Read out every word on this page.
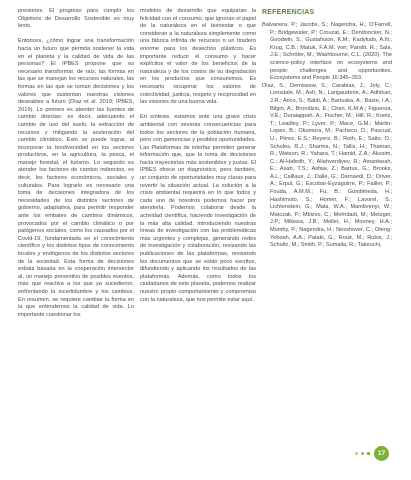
presiones. El progreso para cumplir los Objetivos de Desarrollo Sostenible es muy lento.

Entonces, ¿cómo lograr una transformación hacia un futuro que permita sostener la vida en el planeta y la calidad de vida de las personas? El IPBES propone que es necesario transformar, de raíz, las formas en las que se manejan los recursos naturales, las formas en las que se toman decisiones y los valores que sustentan nuestras visiones deseables a futuro (Díaz et al. 2019; IPBES, 2019). Lo primero es atender las fuentes de cambio directas: es decir, adecuando el cambio de uso del suelo, la extracción de recursos y mitigando la aceleración del cambio climático. Esto se puede lograr, al incorporar la biodiversidad en los sectores productivos, en la agricultura, la pesca, el manejo forestal, el turismo. Lo segundo es atender los factores de cambio indirectos, es decir, los factores económicos, sociales y culturales. Para lograrlo es necesario una toma de decisiones integradora de los necesidades de los distintos sectores de gobierno, adaptativa, para permitir responder ante los embates de cambios dinámicos, provocados por el cambio climático o por patógenos sociales, como los causados por el Covid-19, fundamentada en el conocimiento científico y los distintos tipos de conocimiento locales y endógenos de los distintos sectores de la sociedad. Esta forma de decisiones exbala basada en la cooperación intersector al, un manejo preventivo de posibles eventos, más que reactiva a los que ya sucedieron, enfrentando la incertidumbre y los cambios. En resumen, se requiere cambiar la forma en la que entendemos la calidad de vida. Lo importante cuestionar los

modelos de desarrollo que equiparan la felicidad con el consumo, que ignoran el papel de la naturaleza en el bienestar o que consideran a la naturaleza simplemente como una fábrica infinita de recursos o un tiradero enorme para los desechos plásticos. Es importante reducir el consumo y hacer explícitos el valor de los beneficios de la naturaleza y de los costos de su degradación en los productos que consumimos. Es necesario recuperar los valores de colectividad, justicia, respeto y reciprocidad en las visiones de una buena vida.

En síntesis, estamos ante una grave crisis ambiental con severas consecuencias para todos los sectores de la población humana, pero con gamencias y posibles oportunidades. Las Plataformas de interfaz permiten generar información que, que la toma de decisiones hacia trayectorias más sostenibles y justas. El IPBES ofrece un diagnóstico, pero también, un conjunto de oportunidades muy claras para revertir la situación actual. La solución a la crisis ambiental requerirá en lo que todos y cada uno de nosotros podemos hacer por atenderla. Podemos colaborar desde la actividad científica, haciendo investigación de la más alta calidad, introduciendo nuestras líneas de investigación con las problemáticas más urgentes y complejas, generando redes de investigación y colaboración, revisando las publicaciones de las plataformas, revisando los documentos que se están poco escritos, difundiendo y aplicando los resultados de las plataformas. Además, como todos los ciudadanos de este planeta, podemos realizar nuestro propio comportamiento y compromiso con la naturaleza, que nos permite estar aquí.

REFERENCIAS
Balvanera, P.; Jacobs, S.; Nagendra, H.; O'Farrell, P.; Bridgewater, P.; Crouzat, E.; Dendoncker, N.; Goodwin, S.; Gustafsson, K.M.; Kadykalo, A.N.; Krug, C.B.; Matuk, F.A.M. von; Pandit, R.; Sala, J.E.; Schröter, M.; Washbourne, C.L. (2020). The science-policy interface on ecosystems and people: challenges and opportunities. Ecosystems and People 16:345–353.
Díaz, S.; Demissew, S.; Carabias, J.; Joly, C.; Lonsdale, M.; Ash, N.; Larigauderie, A.; Adhikari, J.R.; Arico, S.; Báldi, A.; Bartuska, A.; Baste, I.A.; Bilgin, A.; Brondizio, E.; Chan, K.M.A.; Figueroa, V.E.; Duraiappah, A.; Fischer, M.; Hill, R.; Koetz, T.; Leadley, P.; Lyver, P.; Mace, G.M.; Martin-Lopez, B.; Okumura, M.; Pacheco, D.; Pascual, U.; Pérez, E.S.; Reyers, B.; Roth, E.; Saito, O.; Scholes, R.J.; Sharma, N.; Tallis, H.; Thaman, R.; Watson, R.; Yahara, T.; Hamid, Z.A.; Akosim, C.; Al-Hafedh, Y.; Allahverdiyev, R.; Amankwah, E.; Asah, T.S.; Asfaw, Z.; Bartus, G.; Brooks, A.L.; Caillaux, J.; Dalle, G.; Darnaedi, D.; Driver, A.; Erpul, G.; Escobar-Eyzaguirre, P.; Failler, P.; Fouda, A.M.M.; Fu, B.; Gundimeda, H.; Hashimoto, S.; Homer, F.; Lavorel, S.; Lichtenstein, G.; Mala, W.A.; Mandivenyi, W.; Matczak, P.; Mbizvo, C.; Mehrdadi, M.; Metzger, J.P.; Mikissa, J.B.; Moller, H.; Mooney, H.A.; Mumby, P.; Nagendra, H.; Nesshover, C.; Oteng-Yeboah, A.A.; Pataki, G.; Roué, M.; Rubis, J.; Schultz, M.; Smith, P.; Sumaila, R.; Takeuchi,
17
